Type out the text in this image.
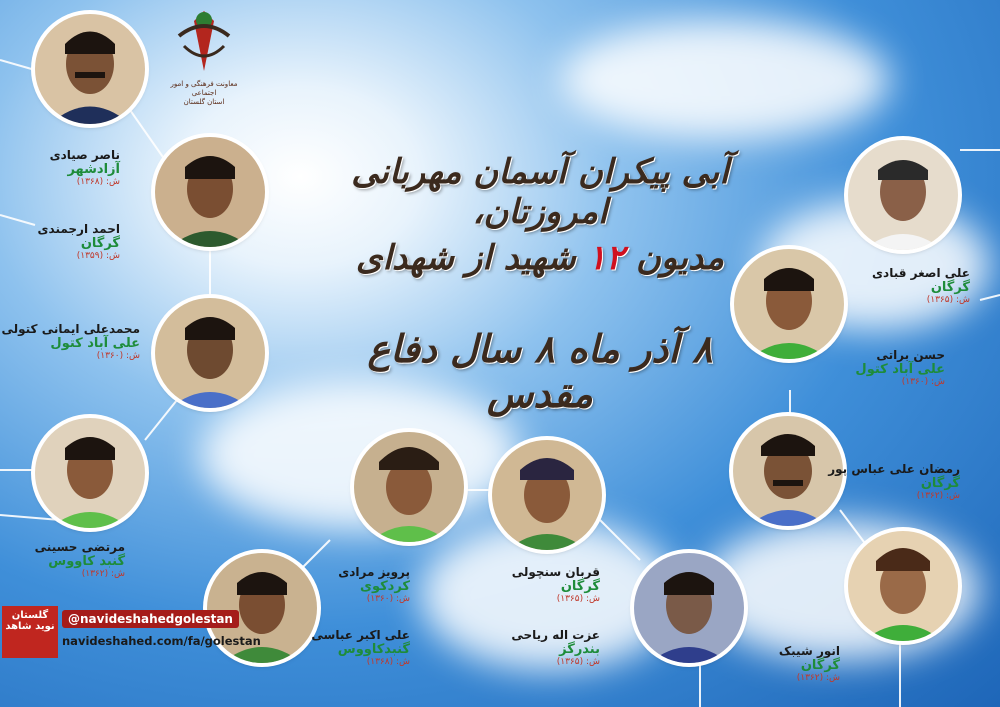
معاونت فرهنگی و امور اجتماعی
استان گلستان
آبی پیکران آسمان مهربانی امروزتان،
مدیون ۱۲ شهید از شهدای
۸ آذر ماه ۸ سال دفاع مقدس
ناصر صیادی
آزادشهر
ش: (۱۳۶۸)
احمد ارجمندی
گرگان
ش: (۱۳۵۹)
محمدعلی ایمانی کتولی
علی آباد کتول
ش: (۱۳۶۰)
مرتضی حسینی
گنبد کاووس
ش: (۱۳۶۲)	پرویز مرادی
کردکوی
ش: (۱۳۶۰)
علی اکبر عباسی
گنبدکاووس
ش: (۱۳۶۸)
قربان سنچولی
گرگان
ش: (۱۳۶۵)
عزت اله ریاحی
بندرگز
ش: (۱۳۶۵)
علی اصغر قبادی
گرگان
ش: (۱۳۶۵)
حسن براتی
علی آباد کتول
ش: (۱۳۶۰)
رمضان علی عباس پور
گرگان
ش: (۱۳۶۲)
انور شیبک
گرگان
ش: (۱۳۶۲)
گلستان
نوید شاهد
@navideshahedgolestan
navideshahed.com/fa/golestan
